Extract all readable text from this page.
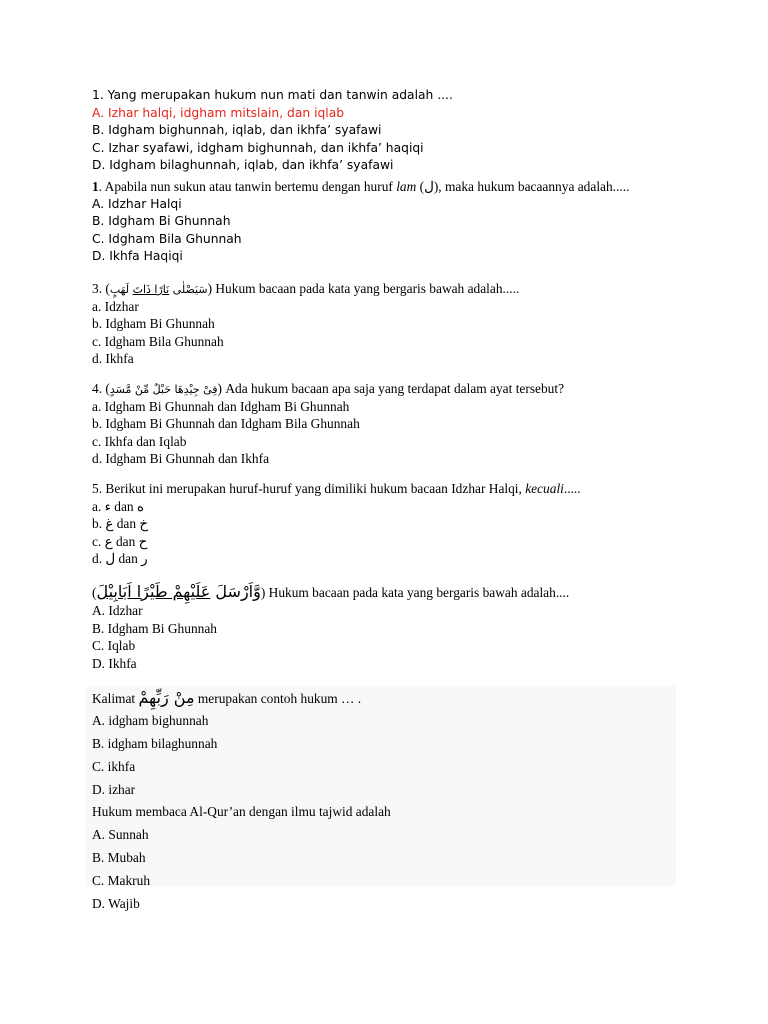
1. Yang merupakan hukum nun mati dan tanwin adalah ....
A. Izhar halqi, idgham mitslain, dan iqlab
B. Idgham bighunnah, iqlab, dan ikhfa’ syafawi
C. Izhar syafawi, idgham bighunnah, dan ikhfa’ haqiqi
D. Idgham bilaghunnah, iqlab, dan ikhfa’ syafawi
1. Apabila nun sukun atau tanwin bertemu dengan huruf lam (ل), maka hukum bacaannya adalah.....
A. Idzhar Halqi
B. Idgham Bi Ghunnah
C. Idgham Bila Ghunnah
D. Ikhfa Haqiqi
3. (	سَيَصْلٰى نَارًا ذَاتَ لَهَبٍ	) Hukum bacaan pada kata yang bergaris bawah adalah.....
a. Idzhar
b. Idgham Bi Ghunnah
c. Idgham Bila Ghunnah
d. Ikhfa
4. (فِىْ جِيْدِهَا حَبْلٌ مِّنْ مَّسَدٍ) Ada hukum bacaan apa saja yang terdapat dalam ayat tersebut?
a. Idgham Bi Ghunnah dan Idgham Bi Ghunnah
b. Idgham Bi Ghunnah dan Idgham Bila Ghunnah
c. Ikhfa dan Iqlab
d. Idgham Bi Ghunnah dan Ikhfa
5. Berikut ini merupakan huruf-huruf yang dimiliki hukum bacaan Idzhar Halqi, kecuali.....
a. ء dan ه
b. غ dan خ
c. ع dan ح
d. ل dan ر
(	وَّاَرْسَلَ عَلَيْهِمْ طَيْرًا اَبَابِيْلَ	) Hukum bacaan pada kata yang bergaris bawah adalah....
A. Idzhar
B. Idgham Bi Ghunnah
C. Iqlab
D. Ikhfa
Kalimat مِنْ رَبِّهِمْ merupakan contoh hukum … .
A. idgham bighunnah
B. idgham bilaghunnah
C. ikhfa
D. izhar
Hukum membaca Al-Qur’an dengan ilmu tajwid adalah
A. Sunnah
B. Mubah
C. Makruh
D. Wajib
